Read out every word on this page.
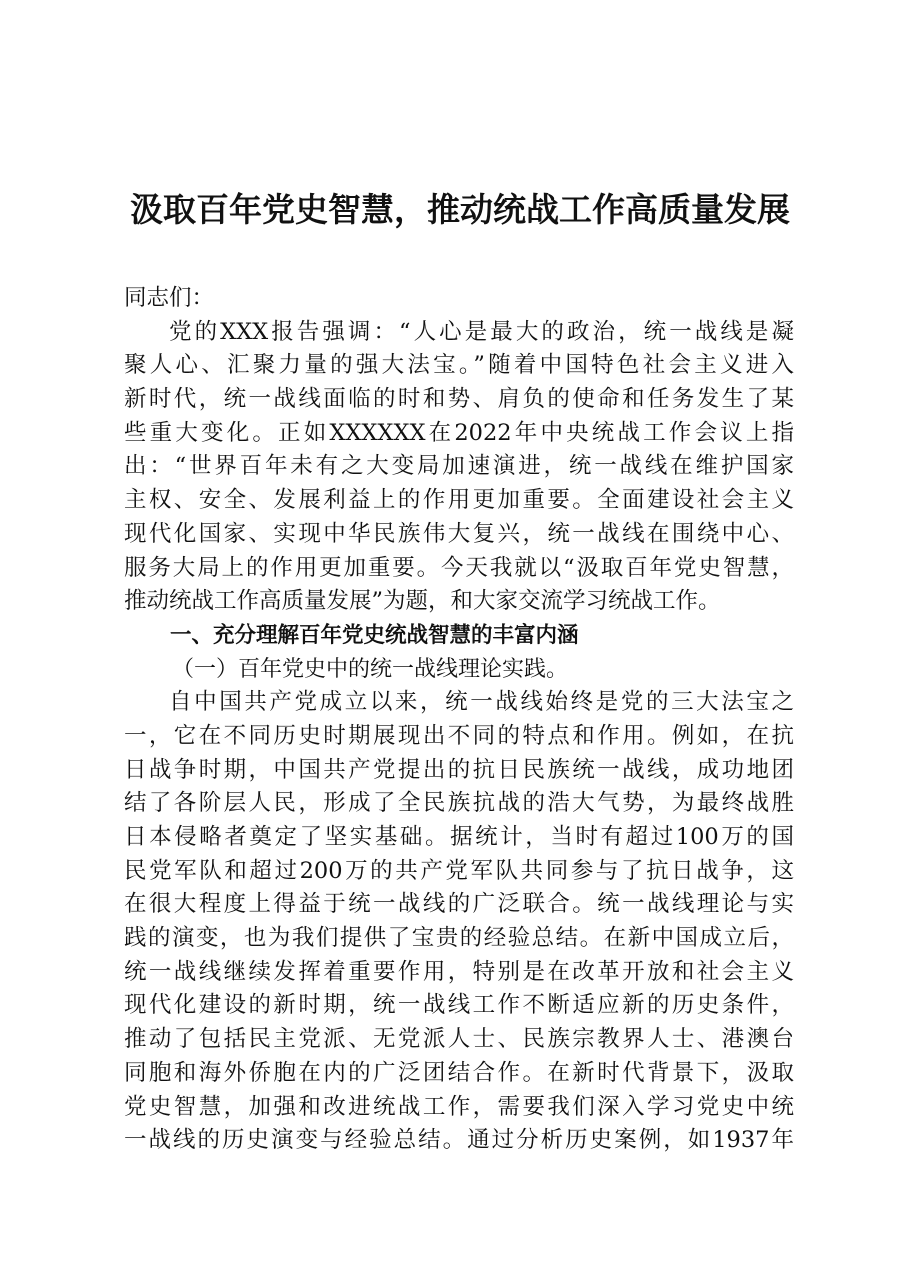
汲取百年党史智慧，推动统战工作高质量发展
同志们：
党的XXX报告强调：“人心是最大的政治，统一战线是凝
聚人心、汇聚力量的强大法宝。”随着中国特色社会主义进入
新时代，统一战线面临的时和势、肩负的使命和任务发生了某
些重大变化。正如XXXXXX在2022年中央统战工作会议上指
出：“世界百年未有之大变局加速演进，统一战线在维护国家
主权、安全、发展利益上的作用更加重要。全面建设社会主义
现代化国家、实现中华民族伟大复兴，统一战线在围绕中心、
服务大局上的作用更加重要。今天我就以“汲取百年党史智慧，
推动统战工作高质量发展”为题，和大家交流学习统战工作。
一、充分理解百年党史统战智慧的丰富内涵
（一）百年党史中的统一战线理论实践。
自中国共产党成立以来，统一战线始终是党的三大法宝之
一，它在不同历史时期展现出不同的特点和作用。例如，在抗
日战争时期，中国共产党提出的抗日民族统一战线，成功地团
结了各阶层人民，形成了全民族抗战的浩大气势，为最终战胜
日本侵略者奠定了坚实基础。据统计，当时有超过100万的国
民党军队和超过200万的共产党军队共同参与了抗日战争，这
在很大程度上得益于统一战线的广泛联合。统一战线理论与实
践的演变，也为我们提供了宝贵的经验总结。在新中国成立后，
统一战线继续发挥着重要作用，特别是在改革开放和社会主义
现代化建设的新时期，统一战线工作不断适应新的历史条件，
推动了包括民主党派、无党派人士、民族宗教界人士、港澳台
同胞和海外侨胞在内的广泛团结合作。在新时代背景下，汲取
党史智慧，加强和改进统战工作，需要我们深入学习党史中统
一战线的历史演变与经验总结。通过分析历史案例，如1937年
